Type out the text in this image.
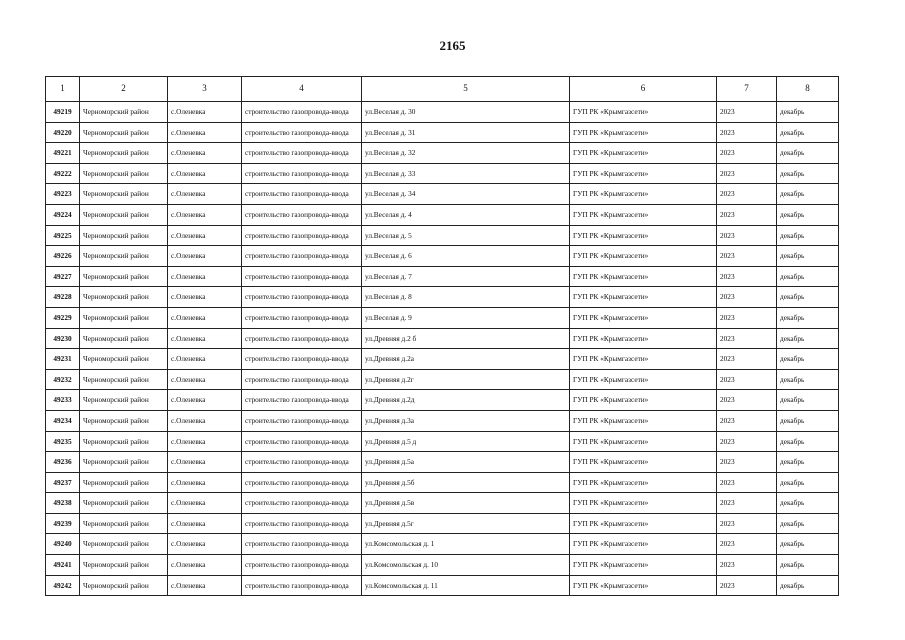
2165
1	2	3	4	5	6	7	8
49219	Черноморский район	с.Оленевка	строительство газопровода-ввода	ул.Веселая д. 30	ГУП РК «Крымгазсети»	2023	декабрь
49220	Черноморский район	с.Оленевка	строительство газопровода-ввода	ул.Веселая д. 31	ГУП РК «Крымгазсети»	2023	декабрь
49221	Черноморский район	с.Оленевка	строительство газопровода-ввода	ул.Веселая д. 32	ГУП РК «Крымгазсети»	2023	декабрь
49222	Черноморский район	с.Оленевка	строительство газопровода-ввода	ул.Веселая д. 33	ГУП РК «Крымгазсети»	2023	декабрь
49223	Черноморский район	с.Оленевка	строительство газопровода-ввода	ул.Веселая д. 34	ГУП РК «Крымгазсети»	2023	декабрь
49224	Черноморский район	с.Оленевка	строительство газопровода-ввода	ул.Веселая д. 4	ГУП РК «Крымгазсети»	2023	декабрь
49225	Черноморский район	с.Оленевка	строительство газопровода-ввода	ул.Веселая д. 5	ГУП РК «Крымгазсети»	2023	декабрь
49226	Черноморский район	с.Оленевка	строительство газопровода-ввода	ул.Веселая д. 6	ГУП РК «Крымгазсети»	2023	декабрь
49227	Черноморский район	с.Оленевка	строительство газопровода-ввода	ул.Веселая д. 7	ГУП РК «Крымгазсети»	2023	декабрь
49228	Черноморский район	с.Оленевка	строительство газопровода-ввода	ул.Веселая д. 8	ГУП РК «Крымгазсети»	2023	декабрь
49229	Черноморский район	с.Оленевка	строительство газопровода-ввода	ул.Веселая д. 9	ГУП РК «Крымгазсети»	2023	декабрь
49230	Черноморский район	с.Оленевка	строительство газопровода-ввода	ул.Древняя д.2 б	ГУП РК «Крымгазсети»	2023	декабрь
49231	Черноморский район	с.Оленевка	строительство газопровода-ввода	ул.Древняя д.2а	ГУП РК «Крымгазсети»	2023	декабрь
49232	Черноморский район	с.Оленевка	строительство газопровода-ввода	ул.Древняя д.2г	ГУП РК «Крымгазсети»	2023	декабрь
49233	Черноморский район	с.Оленевка	строительство газопровода-ввода	ул.Древняя д.2д	ГУП РК «Крымгазсети»	2023	декабрь
49234	Черноморский район	с.Оленевка	строительство газопровода-ввода	ул.Древняя д.3а	ГУП РК «Крымгазсети»	2023	декабрь
49235	Черноморский район	с.Оленевка	строительство газопровода-ввода	ул.Древняя д.5 д	ГУП РК «Крымгазсети»	2023	декабрь
49236	Черноморский район	с.Оленевка	строительство газопровода-ввода	ул.Древняя д.5а	ГУП РК «Крымгазсети»	2023	декабрь
49237	Черноморский район	с.Оленевка	строительство газопровода-ввода	ул.Древняя д.5б	ГУП РК «Крымгазсети»	2023	декабрь
49238	Черноморский район	с.Оленевка	строительство газопровода-ввода	ул.Древняя д.5в	ГУП РК «Крымгазсети»	2023	декабрь
49239	Черноморский район	с.Оленевка	строительство газопровода-ввода	ул.Древняя д.5г	ГУП РК «Крымгазсети»	2023	декабрь
49240	Черноморский район	с.Оленевка	строительство газопровода-ввода	ул.Комсомольская д. 1	ГУП РК «Крымгазсети»	2023	декабрь
49241	Черноморский район	с.Оленевка	строительство газопровода-ввода	ул.Комсомольская д. 10	ГУП РК «Крымгазсети»	2023	декабрь
49242	Черноморский район	с.Оленевка	строительство газопровода-ввода	ул.Комсомольская д. 11	ГУП РК «Крымгазсети»	2023	декабрь
